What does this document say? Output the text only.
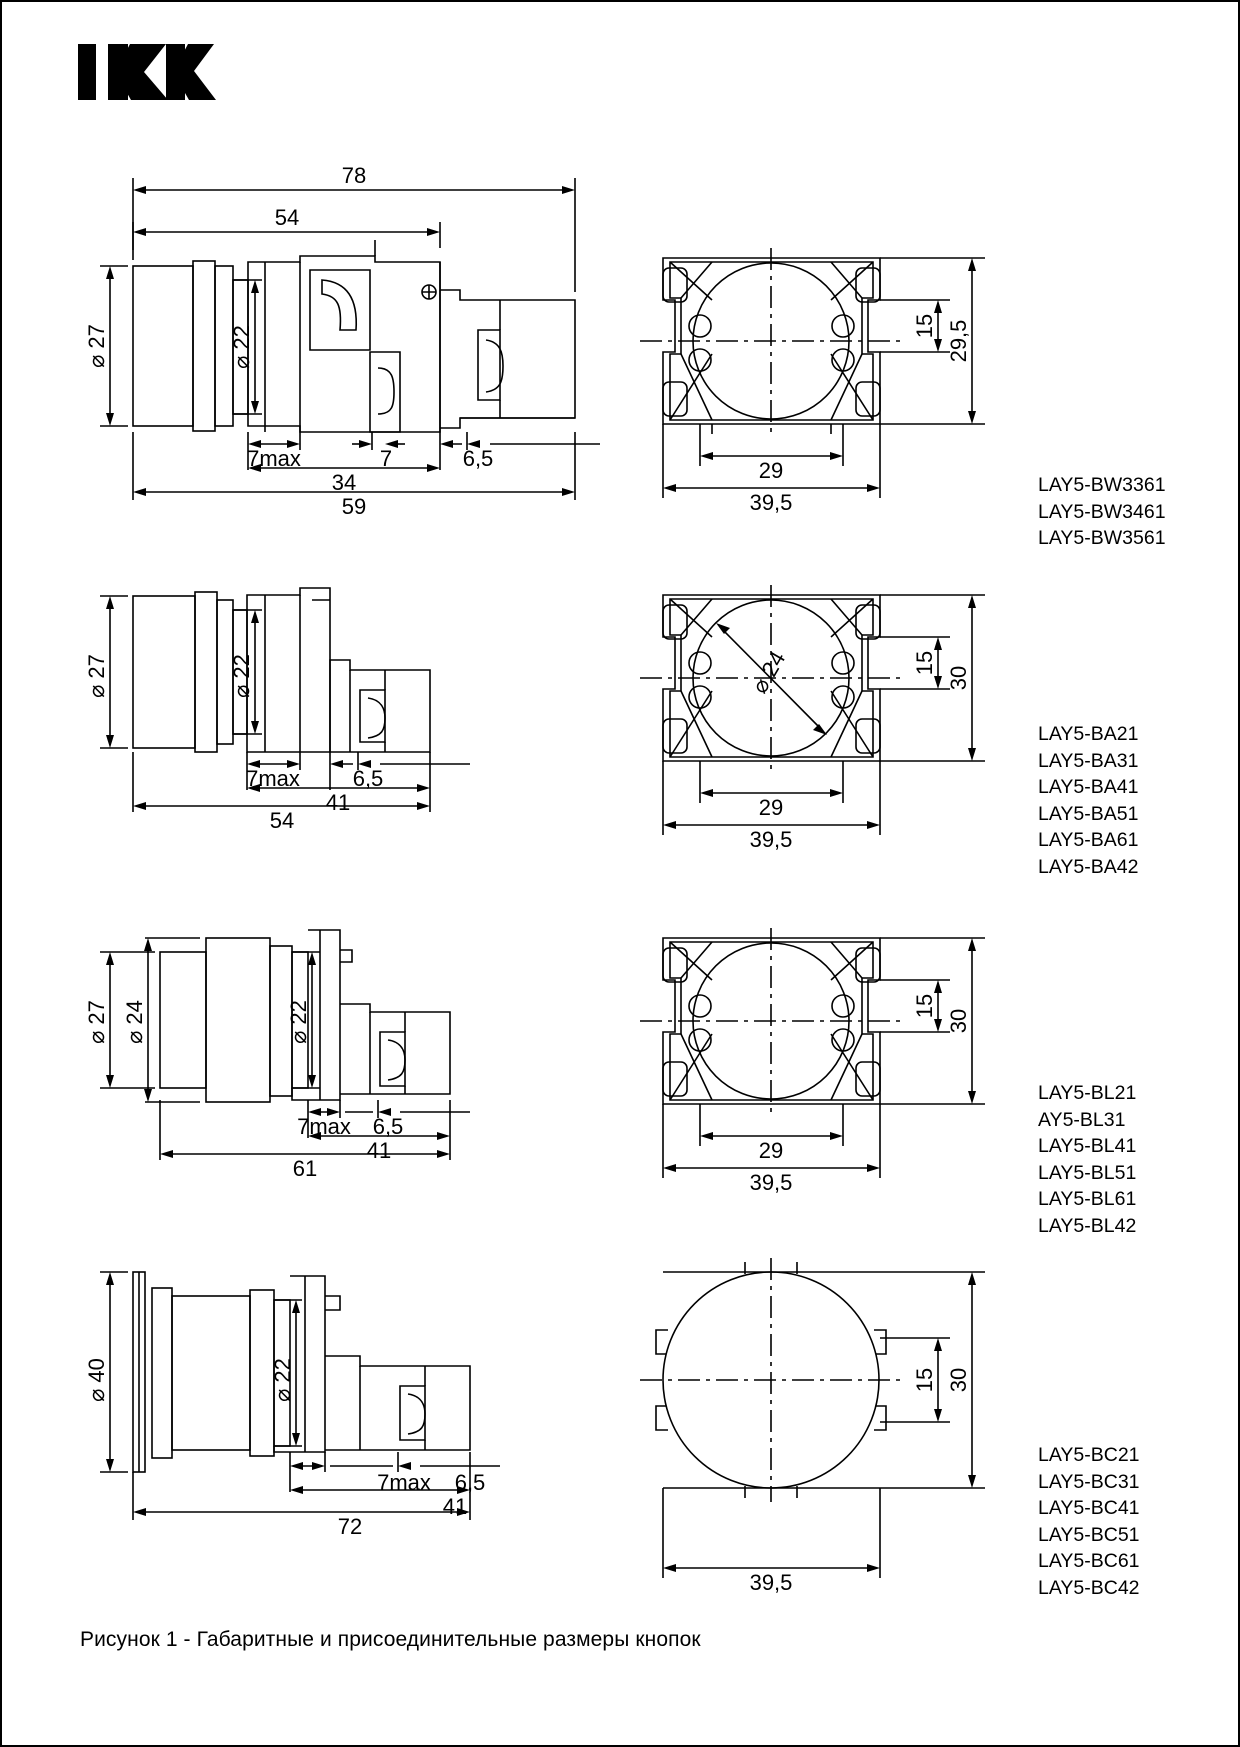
78
54
⌀ 27	⌀ 22
7max	7	6,5
34
59
29,5
15
29
39,5
⌀ 27	⌀ 22
7max 6,5
41
54
⌀ 24	30
15
29
39,5
⌀ 27 ⌀ 24	⌀ 22
7max 6,5
41
61
30
15
29
39,5
⌀ 40	⌀ 22
7max 6,5
41
72
30
15
39,5
LAY5-BW3361
LAY5-BW3461
LAY5-BW3561
LAY5-BA21
LAY5-BA31
LAY5-BA41
LAY5-BA51
LAY5-BA61
LAY5-BA42
LAY5-BL21
AY5-BL31
LAY5-BL41
LAY5-BL51
LAY5-BL61
LAY5-BL42
LAY5-BC21
LAY5-BC31
LAY5-BC41
LAY5-BC51
LAY5-BC61
LAY5-BC42
Рисунок 1 - Габаритные и присоединительные размеры кнопок
